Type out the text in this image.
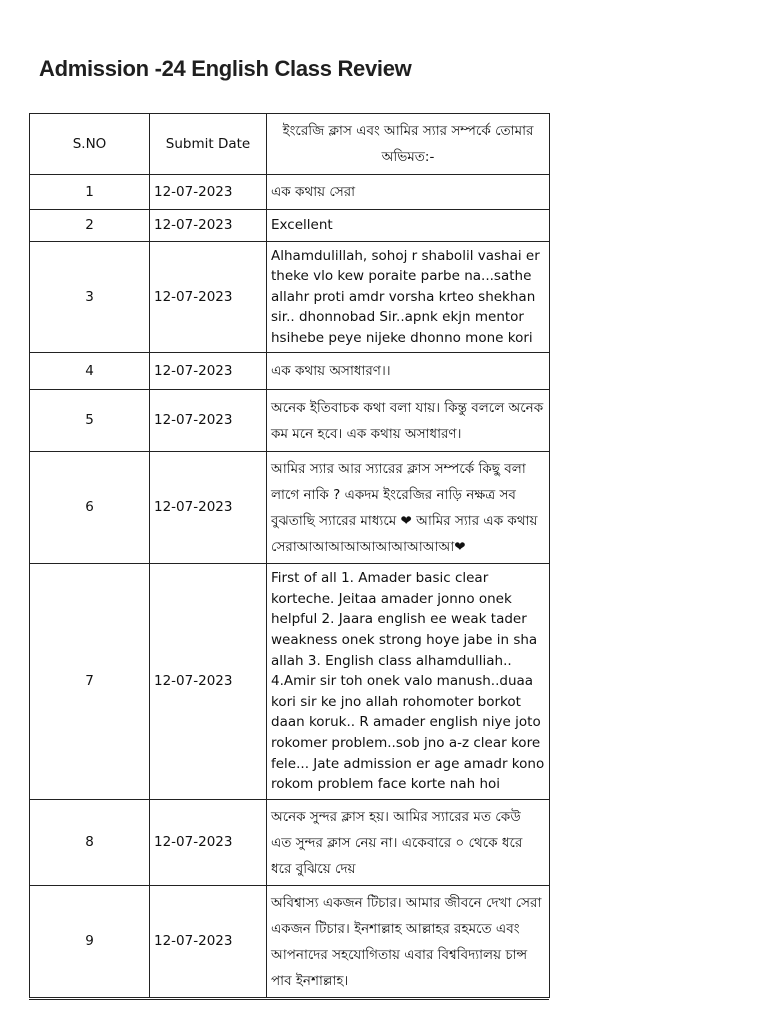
Admission -24 English Class Review
S.NO	Submit Date	ইংরেজি ক্লাস এবং আমির স্যার সম্পর্কে তোমার অভিমত:-
1	12-07-2023	এক কথায় সেরা
2	12-07-2023	Excellent
3	12-07-2023	Alhamdulillah, sohoj r shabolil vashai er theke vlo kew poraite parbe na...sathe allahr proti amdr vorsha krteo shekhan sir.. dhonnobad Sir..apnk ekjn mentor hsihebe peye nijeke dhonno mone kori
4	12-07-2023	এক কথায় অসাধারণ।।
5	12-07-2023	অনেক ইতিবাচক কথা বলা যায়। কিন্তু বললে অনেক কম মনে হবে। এক কথায় অসাধারণ।
6	12-07-2023	আমির স্যার আর স্যারের ক্লাস সম্পর্কে কিছু বলা লাগে নাকি ? একদম ইংরেজির নাড়ি নক্ষত্র সব বুঝতাছি স্যারের মাধ্যমে ❤ আমির স্যার এক কথায় সেরাআআআআআআআআআআ❤
7	12-07-2023	First of all 1. Amader basic clear korteche. Jeitaa amader jonno onek helpful 2. Jaara english ee weak tader weakness onek strong hoye jabe in sha allah 3. English class alhamdulliah.. 4.Amir sir toh onek valo manush..duaa kori sir ke jno allah rohomoter borkot daan koruk.. R amader english niye joto rokomer problem..sob jno a-z clear kore fele... Jate admission er age amadr kono rokom problem face korte nah hoi
8	12-07-2023	অনেক সুন্দর ক্লাস হয়। আমির স্যারের মত কেউ এত সুন্দর ক্লাস নেয় না। একেবারে ০ থেকে ধরে ধরে বুঝিয়ে দেয়
9	12-07-2023	অবিশ্বাস্য একজন টিচার। আমার জীবনে দেখা সেরা একজন টিচার। ইনশাল্লাহ আল্লাহর রহমতে এবং আপনাদের সহযোগিতায় এবার বিশ্ববিদ্যালয় চান্স পাব ইনশাল্লাহ।
